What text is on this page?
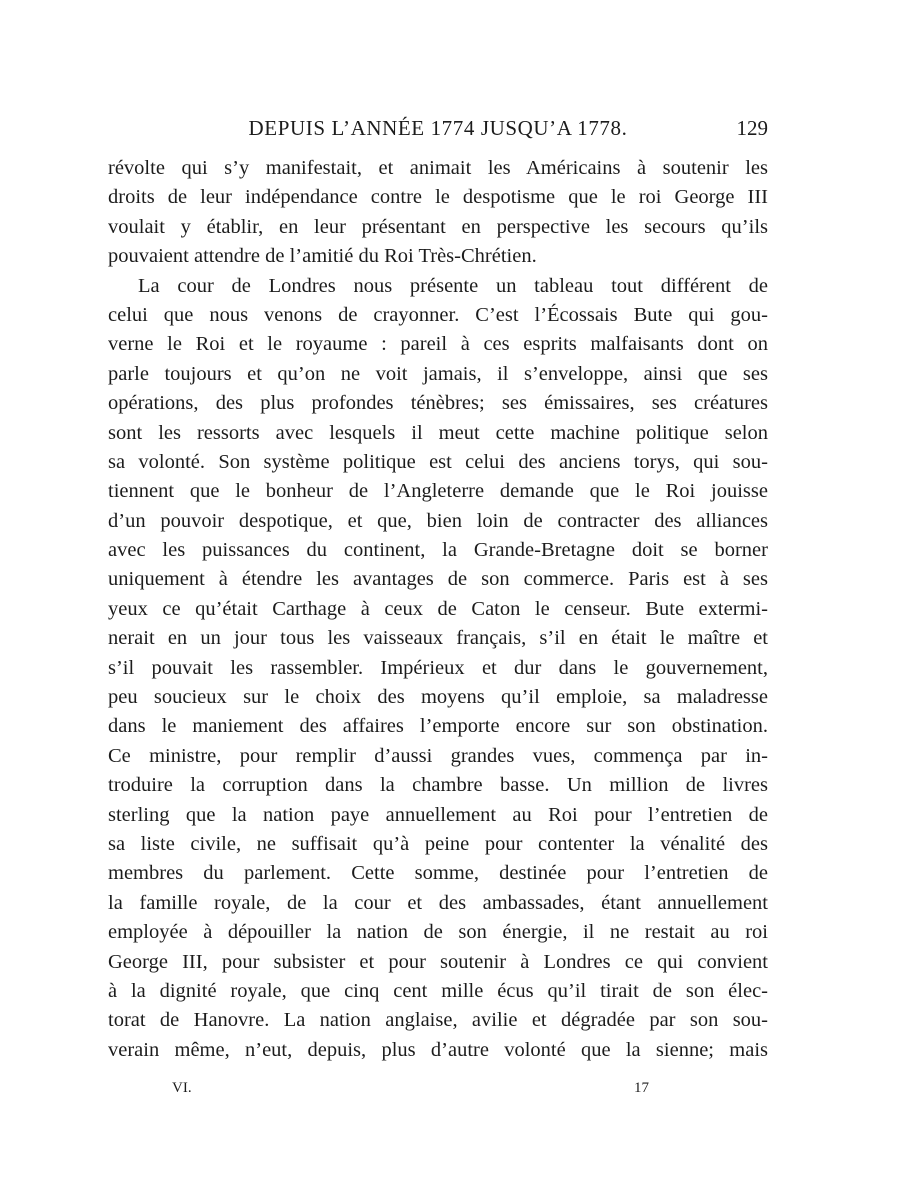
DEPUIS L’ANNÉE 1774 JUSQU’A 1778.	129
révolte qui s’y manifestait, et animait les Américains à soutenir les
droits de leur indépendance contre le despotisme que le roi George III
voulait y établir, en leur présentant en perspective les secours qu’ils
pouvaient attendre de l’amitié du Roi Très-Chrétien.
La cour de Londres nous présente un tableau tout différent de
celui que nous venons de crayonner. C’est l’Écossais Bute qui gou-
verne le Roi et le royaume : pareil à ces esprits malfaisants dont on
parle toujours et qu’on ne voit jamais, il s’enveloppe, ainsi que ses
opérations, des plus profondes ténèbres; ses émissaires, ses créatures
sont les ressorts avec lesquels il meut cette machine politique selon
sa volonté. Son système politique est celui des anciens torys, qui sou-
tiennent que le bonheur de l’Angleterre demande que le Roi jouisse
d’un pouvoir despotique, et que, bien loin de contracter des alliances
avec les puissances du continent, la Grande-Bretagne doit se borner
uniquement à étendre les avantages de son commerce. Paris est à ses
yeux ce qu’était Carthage à ceux de Caton le censeur. Bute extermi-
nerait en un jour tous les vaisseaux français, s’il en était le maître et
s’il pouvait les rassembler. Impérieux et dur dans le gouvernement,
peu soucieux sur le choix des moyens qu’il emploie, sa maladresse
dans le maniement des affaires l’emporte encore sur son obstination.
Ce ministre, pour remplir d’aussi grandes vues, commença par in-
troduire la corruption dans la chambre basse. Un million de livres
sterling que la nation paye annuellement au Roi pour l’entretien de
sa liste civile, ne suffisait qu’à peine pour contenter la vénalité des
membres du parlement. Cette somme, destinée pour l’entretien de
la famille royale, de la cour et des ambassades, étant annuellement
employée à dépouiller la nation de son énergie, il ne restait au roi
George III, pour subsister et pour soutenir à Londres ce qui convient
à la dignité royale, que cinq cent mille écus qu’il tirait de son élec-
torat de Hanovre. La nation anglaise, avilie et dégradée par son sou-
verain même, n’eut, depuis, plus d’autre volonté que la sienne; mais
VI.	17
